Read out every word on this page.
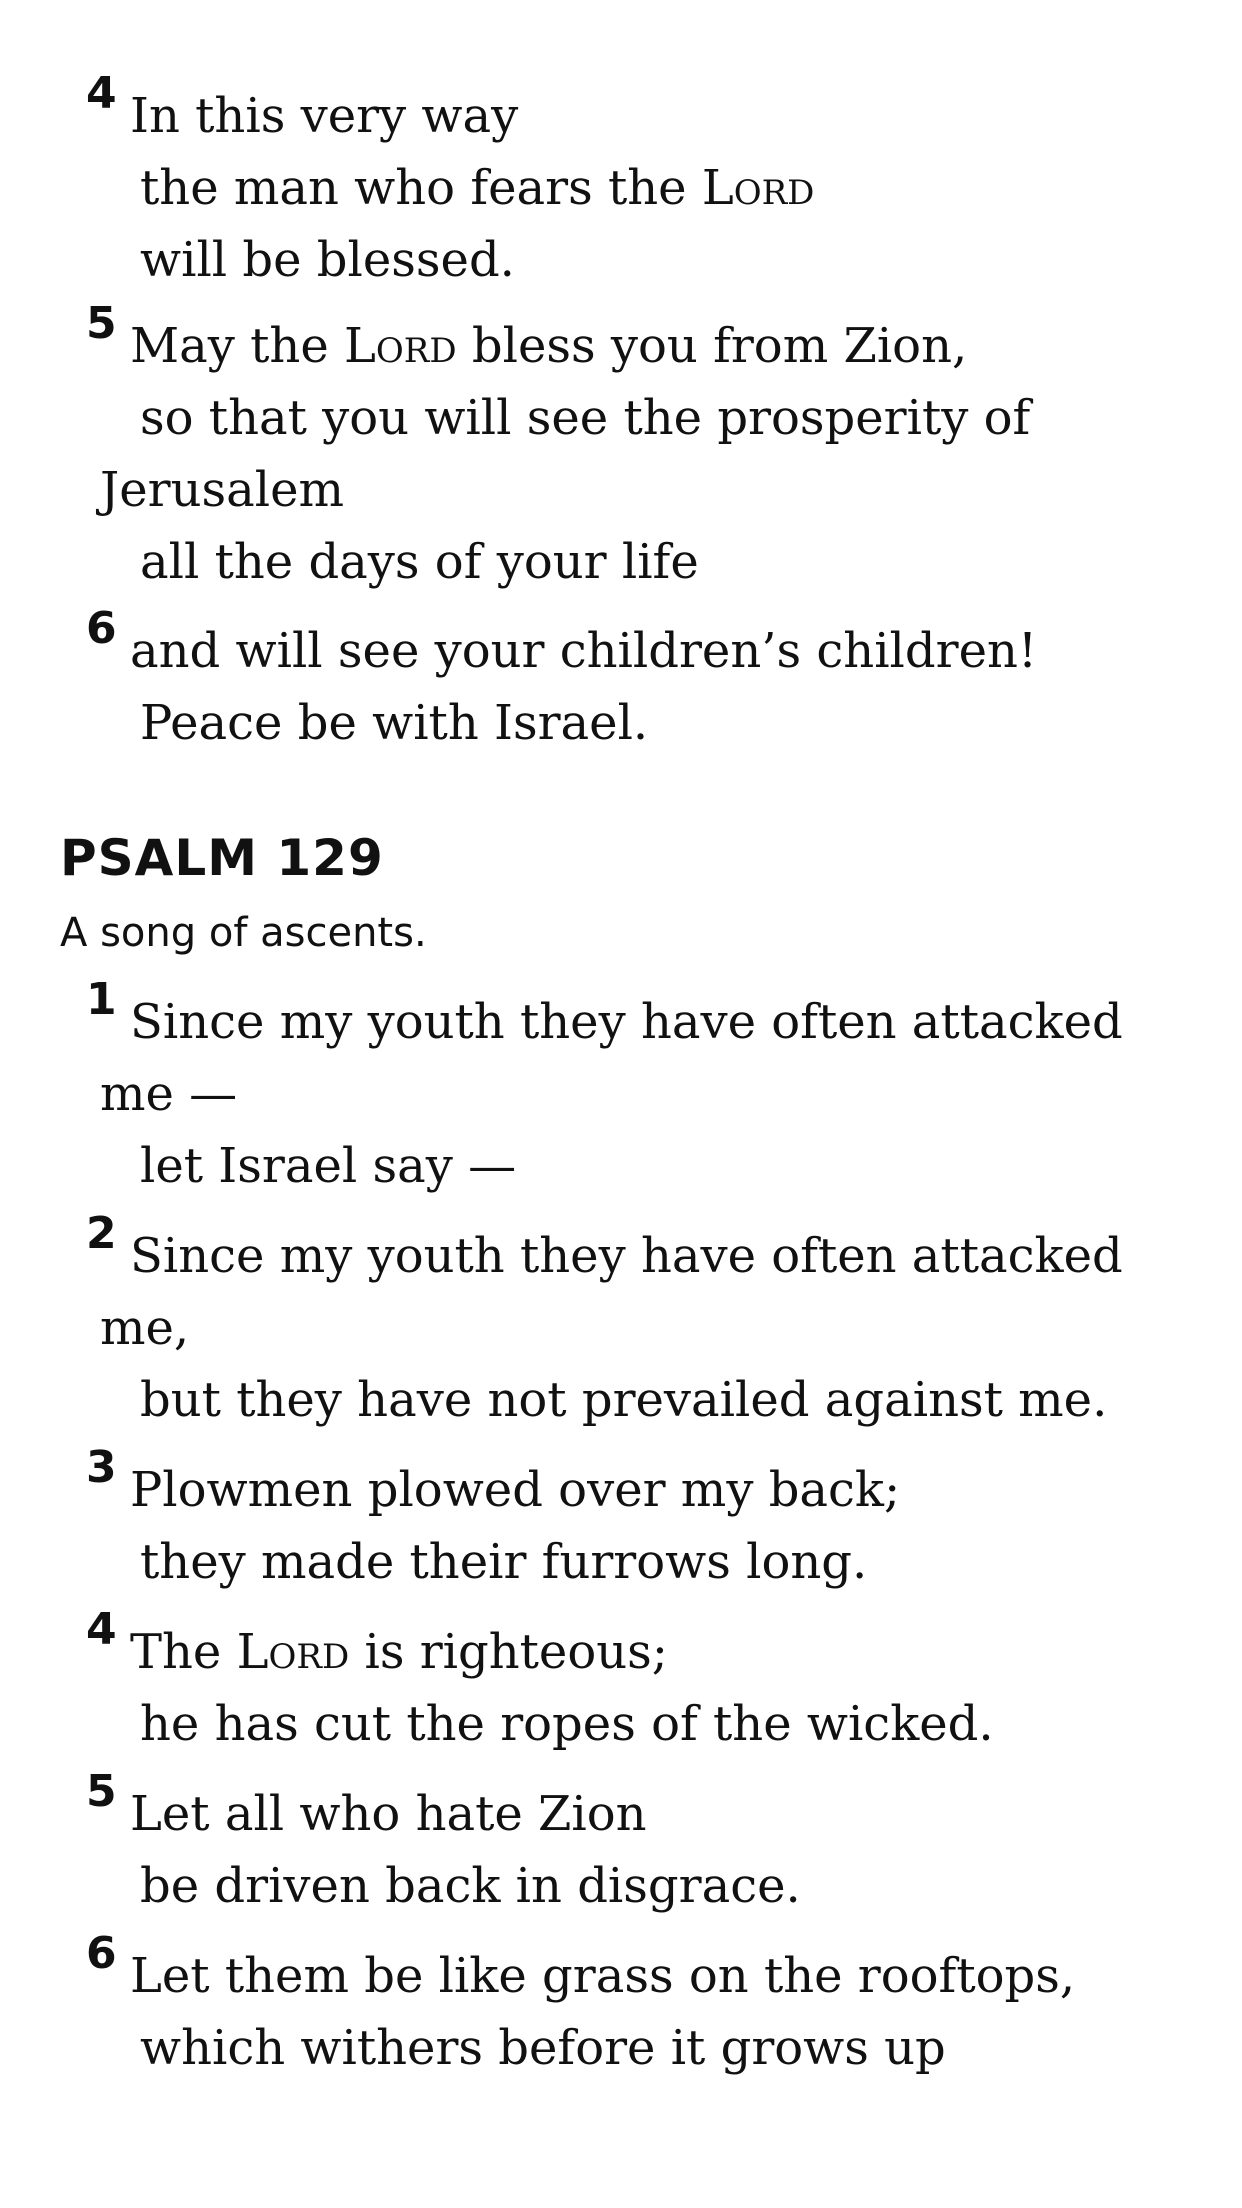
4 In this very way
the man who fears the Lord
will be blessed.
5 May the Lord bless you from Zion,
so that you will see the prosperity of
Jerusalem
all the days of your life
6 and will see your children’s children!
Peace be with Israel.
PSALM 129
A song of ascents.
1 Since my youth they have often attacked
me —
let Israel say —
2 Since my youth they have often attacked
me,
but they have not prevailed against me.
3 Plowmen plowed over my back;
they made their furrows long.
4 The Lord is righteous;
he has cut the ropes of the wicked.
5 Let all who hate Zion
be driven back in disgrace.
6 Let them be like grass on the rooftops,
which withers before it grows up
